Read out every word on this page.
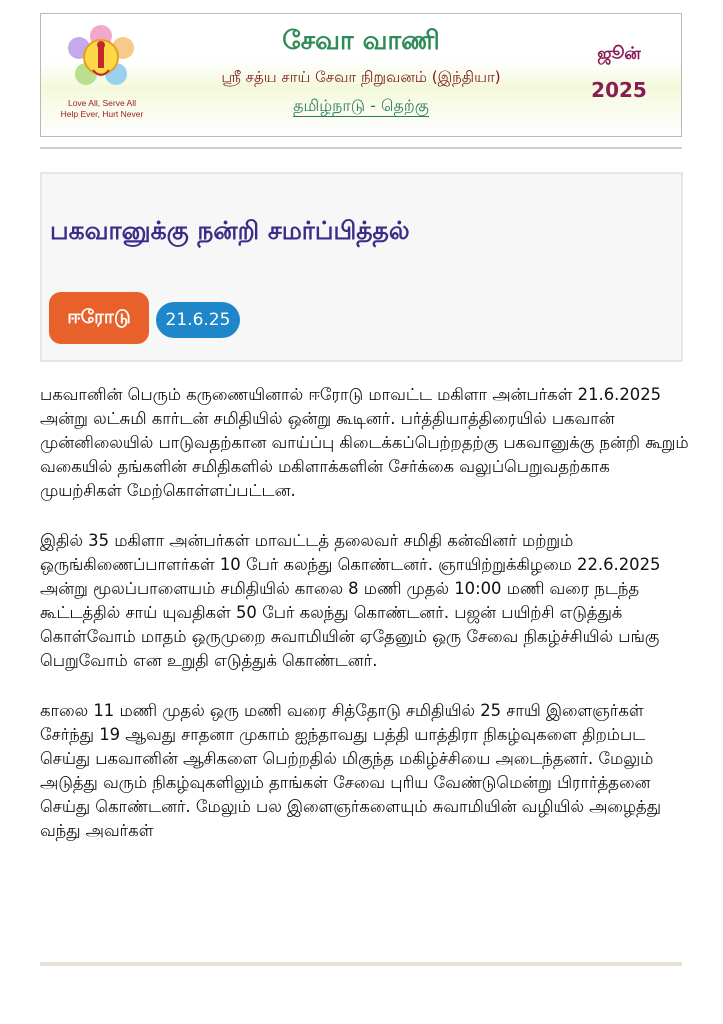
Love All, Serve All
Help Ever, Hurt Never
சேவா வாணி
ஸ்ரீ சத்ய சாய் சேவா நிறுவனம் (இந்தியா)
தமிழ்நாடு - தெற்கு
ஜூன்
2025
பகவானுக்கு நன்றி சமர்ப்பித்தல்
ஈரோடு	21.6.25

பகவானின் பெரும் கருணையினால் ஈரோடு மாவட்ட மகிளா அன்பர்கள் 21.6.2025 அன்று லட்சுமி கார்டன் சமிதியில் ஒன்று கூடினர். பர்த்தியாத்திரையில் பகவான் முன்னிலையில் பாடுவதற்கான வாய்ப்பு கிடைக்கப்பெற்றதற்கு பகவானுக்கு நன்றி கூறும் வகையில் தங்களின் சமிதிகளில் மகிளாக்களின் சேர்க்கை வலுப்பெறுவதற்காக முயற்சிகள் மேற்கொள்ளப்பட்டன.

இதில் 35 மகிளா அன்பர்கள் மாவட்டத் தலைவர் சமிதி கன்வினர் மற்றும் ஒருங்கிணைப்பாளர்கள் 10 பேர் கலந்து கொண்டனர். ஞாயிற்றுக்கிழமை 22.6.2025 அன்று மூலப்பாளையம் சமிதியில் காலை 8 மணி முதல் 10:00 மணி வரை நடந்த கூட்டத்தில் சாய் யுவதிகள் 50 பேர் கலந்து கொண்டனர். பஜன் பயிற்சி எடுத்துக் கொள்வோம் மாதம் ஒருமுறை சுவாமியின் ஏதேனும் ஒரு சேவை நிகழ்ச்சியில் பங்கு பெறுவோம் என உறுதி எடுத்துக் கொண்டனர்.

காலை 11 மணி முதல் ஒரு மணி வரை சித்தோடு சமிதியில் 25 சாயி இளைஞர்கள் சேர்ந்து 19 ஆவது சாதனா முகாம் ஐந்தாவது பத்தி யாத்திரா நிகழ்வுகளை திறம்பட செய்து பகவானின் ஆசிகளை பெற்றதில் மிகுந்த மகிழ்ச்சியை அடைந்தனர். மேலும் அடுத்து வரும் நிகழ்வுகளிலும் தாங்கள் சேவை புரிய வேண்டுமென்று பிரார்த்தனை செய்து கொண்டனர். மேலும் பல இளைஞர்களையும் சுவாமியின் வழியில் அழைத்து வந்து அவர்கள்
